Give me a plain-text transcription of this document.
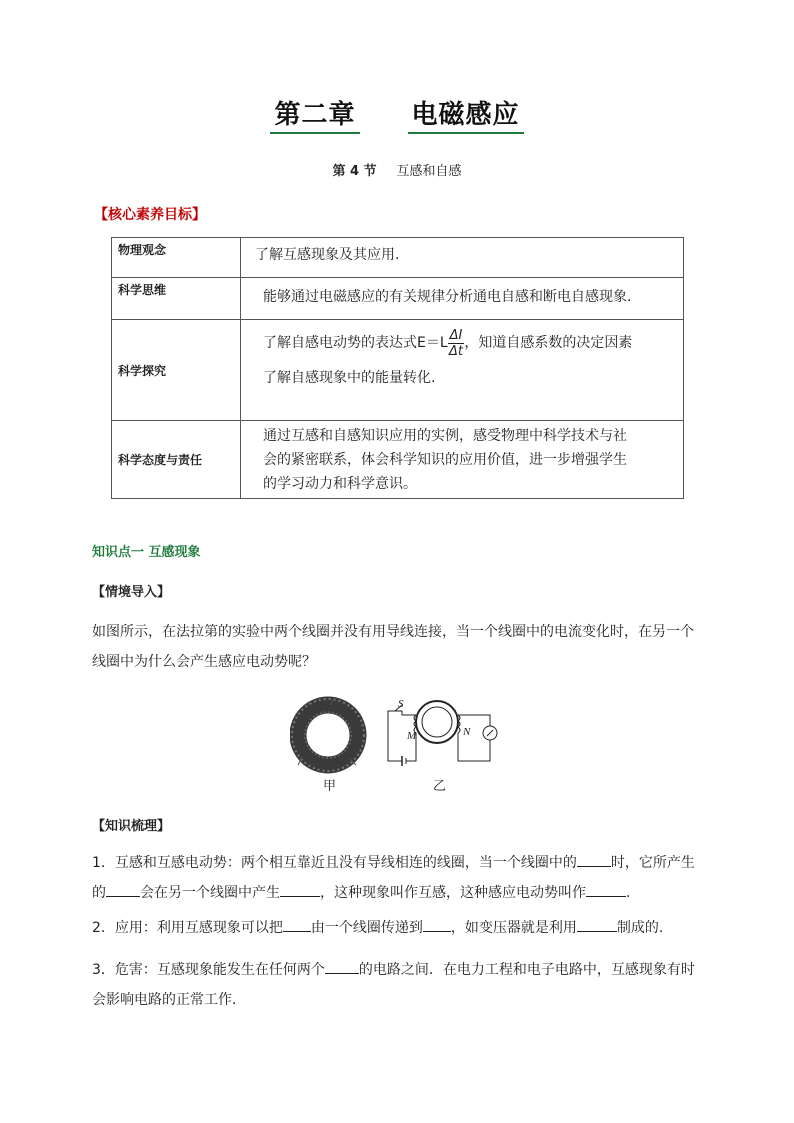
第二章 电磁感应
第 4 节 互感和自感
【核心素养目标】
物理观念	了解互感现象及其应用.
科学思维	能够通过电磁感应的有关规律分析通电自感和断电自感现象.
科学探究	了解自感电动势的表达式$E=L \frac{\Delta I}{\Delta t}$ ，知道自感系数的决定因素
了解自感现象中的能量转化.

科学态度与责任	通过互感和自感知识应用的实例，感受物理中科学技术与社
会的紧密联系，体会科学知识的应用价值，进一步增强学生
的学习动力和科学意识。
知识点一 互感现象
【情境导入】
如图所示，在法拉第的实验中两个线圈并没有用导线连接，当一个线圈中的电流变化时，在另一个
线圈中为什么会产生感应电动势呢？
S
M	N
甲	乙
【知识梳理】
1．互感和互感电动势：两个相互靠近且没有导线相连的线圈，当一个线圈中的 时，它所产生
的 会在另一个线圈中产生	，这种现象叫作互感，这种感应电动势叫作	.
2．应用：利用互感现象可以把 由一个线圈传递到 ，如变压器就是利用	制成的.
3．危害：互感现象能发生在任何两个 的电路之间．在电力工程和电子电路中，互感现象有时
会影响电路的正常工作．
